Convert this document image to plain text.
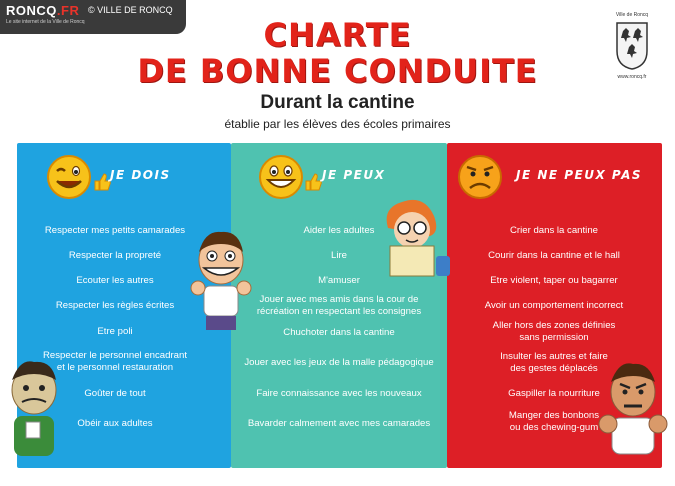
RONCQ.FR © VILLE DE RONCQ
Le site internet de la Ville de Roncq	CHARTE
DE BONNE CONDUITE
Durant la cantine
établie par les élèves des écoles primaires
Ville de Roncq
www.roncq.fr
JE DOIS	JE PEUX	JE NE PEUX PAS
Respecter mes petits camarades
Respecter la propreté
Ecouter les autres
Respecter les règles écrites
Etre poli
Respecter le personnel encadrant
et le personnel restauration
Goûter de tout
Obéir aux adultes
Aider les adultes
Lire
M'amuser
Jouer avec mes amis dans la cour de
récréation en respectant les consignes
Chuchoter dans la cantine
Jouer avec les jeux de la malle pédagogique
Faire connaissance avec les nouveaux
Bavarder calmement avec mes camarades
Crier dans la cantine
Courir dans la cantine et le hall
Etre violent, taper ou bagarrer
Avoir un comportement incorrect
Aller hors des zones définies
sans permission
Insulter les autres et faire
des gestes déplacés
Gaspiller la nourriture
Manger des bonbons
ou des chewing-gum
